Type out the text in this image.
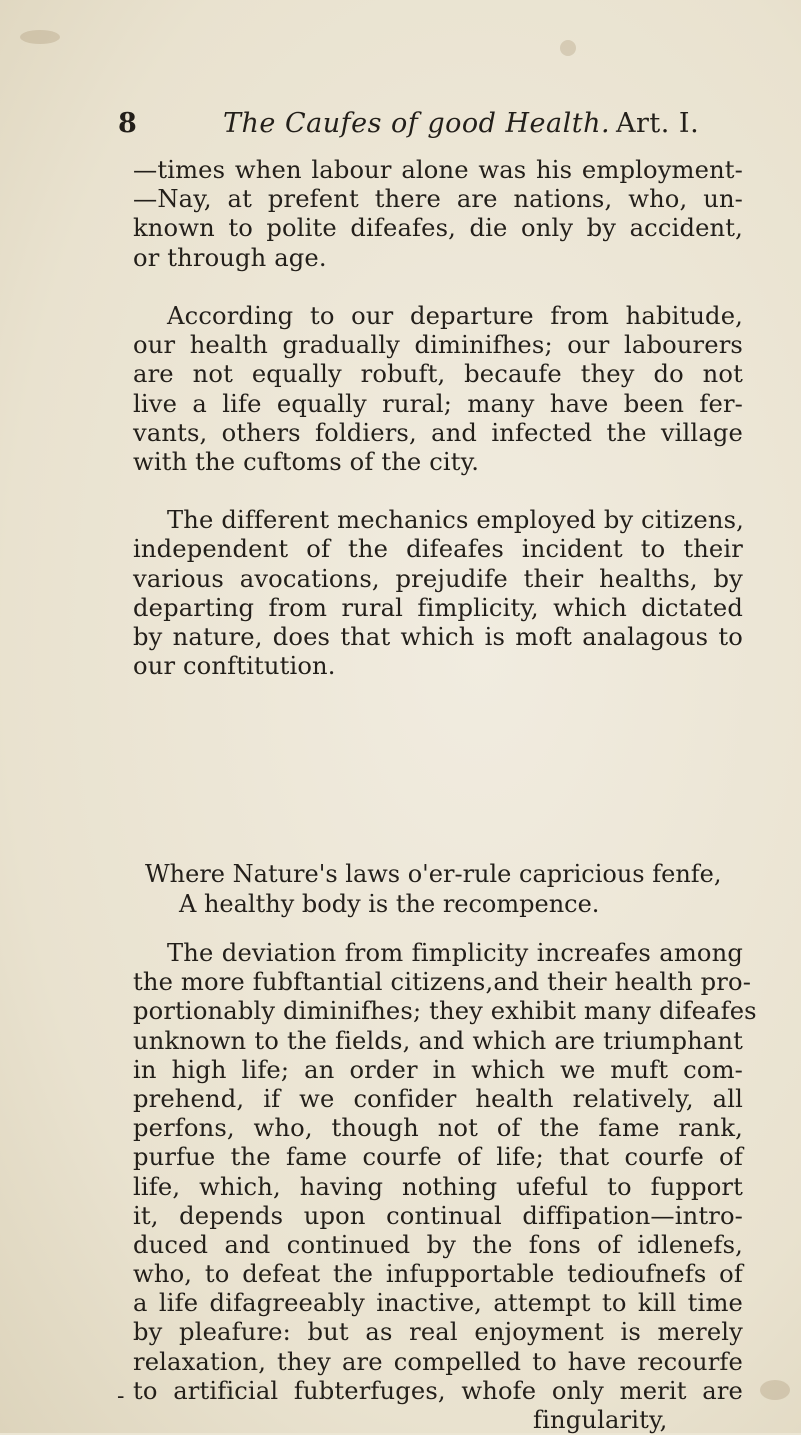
8	The Caufes of good Health. Art. I.
—times when labour alone was his employment-
—Nay, at prefent there are nations, who, un-
known to polite difeafes, die only by accident,
or through age.
According to our departure from habitude,
our health gradually diminifhes; our labourers
are not equally robuft, becaufe they do not
live a life equally rural; many have been fer-
vants, others foldiers, and infected the village
with the cuftoms of the city.
The different mechanics employed by citizens,
independent of the difeafes incident to their
various avocations, prejudife their healths, by
departing from rural fimplicity, which dictated
by nature, does that which is moft analagous to
our conftitution.
Where Nature's laws o'er-rule capricious fenfe,
A healthy body is the recompence.
The deviation from fimplicity increafes among
the more fubftantial citizens,and their health pro-
portionably diminifhes; they exhibit many difeafes
unknown to the fields, and which are triumphant
in high life; an order in which we muft com-
prehend, if we confider health relatively, all
perfons, who, though not of the fame rank,
purfue the fame courfe of life; that courfe of
life, which, having nothing ufeful to fupport
it, depends upon continual diffipation—intro-
duced and continued by the fons of idlenefs,
who, to defeat the infupportable tedioufnefs of
a life difagreeably inactive, attempt to kill time
by pleafure: but as real enjoyment is merely
relaxation, they are compelled to have recourfe
to artificial fubterfuges, whofe only merit are
fingularity,
-
